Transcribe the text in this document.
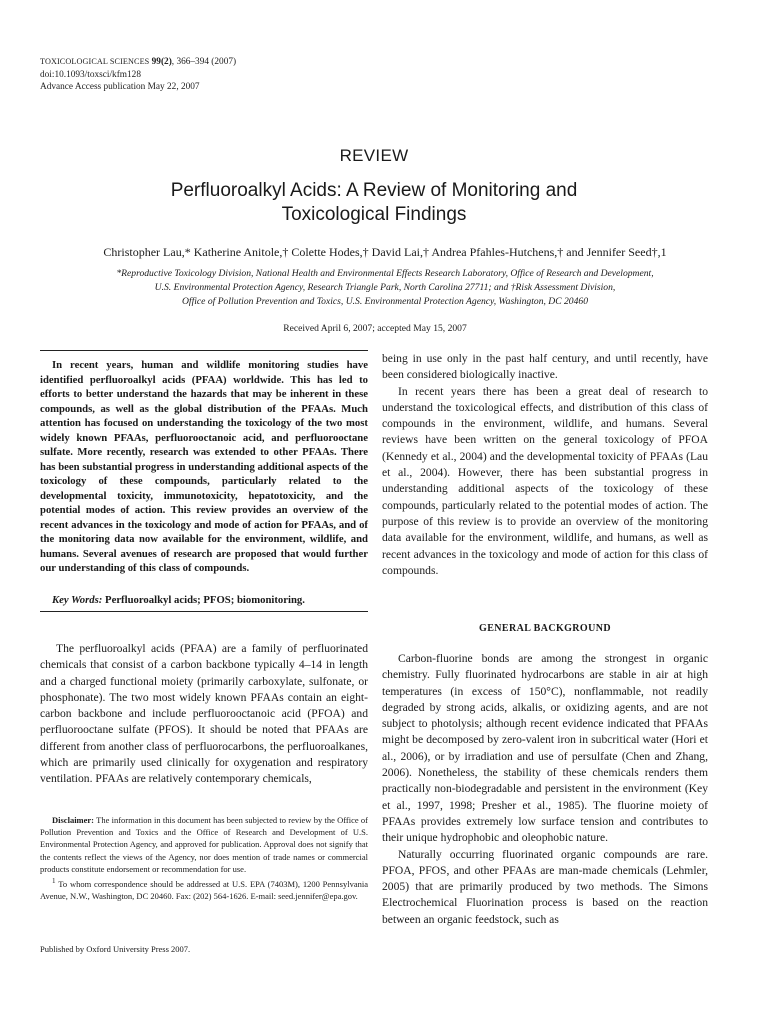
TOXICOLOGICAL SCIENCES 99(2), 366–394 (2007)
doi:10.1093/toxsci/kfm128
Advance Access publication May 22, 2007
REVIEW
Perfluoroalkyl Acids: A Review of Monitoring and
Toxicological Findings
Christopher Lau,* Katherine Anitole,† Colette Hodes,† David Lai,† Andrea Pfahles-Hutchens,† and Jennifer Seed†,1
*Reproductive Toxicology Division, National Health and Environmental Effects Research Laboratory, Office of Research and Development,
U.S. Environmental Protection Agency, Research Triangle Park, North Carolina 27711; and †Risk Assessment Division,
Office of Pollution Prevention and Toxics, U.S. Environmental Protection Agency, Washington, DC 20460
Received April 6, 2007; accepted May 15, 2007
In recent years, human and wildlife monitoring studies have identified perfluoroalkyl acids (PFAA) worldwide. This has led to efforts to better understand the hazards that may be inherent in these compounds, as well as the global distribution of the PFAAs. Much attention has focused on understanding the toxicology of the two most widely known PFAAs, perfluorooctanoic acid, and perfluorooctane sulfate. More recently, research was extended to other PFAAs. There has been substantial progress in understanding additional aspects of the toxicology of these compounds, particularly related to the developmental toxicity, immunotoxicity, hepatotoxicity, and the potential modes of action. This review provides an overview of the recent advances in the toxicology and mode of action for PFAAs, and of the monitoring data now available for the environment, wildlife, and humans. Several avenues of research are proposed that would further our understanding of this class of compounds.
Key Words: Perfluoroalkyl acids; PFOS; biomonitoring.

The perfluoroalkyl acids (PFAA) are a family of perfluorinated chemicals that consist of a carbon backbone typically 4–14 in length and a charged functional moiety (primarily carboxylate, sulfonate, or phosphonate). The two most widely known PFAAs contain an eight-carbon backbone and include perfluorooctanoic acid (PFOA) and perfluorooctane sulfate (PFOS). It should be noted that PFAAs are different from another class of perfluorocarbons, the perfluoroalkanes, which are primarily used clinically for oxygenation and respiratory ventilation. PFAAs are relatively contemporary chemicals,

Disclaimer: The information in this document has been subjected to review by the Office of Pollution Prevention and Toxics and the Office of Research and Development of U.S. Environmental Protection Agency, and approved for publication. Approval does not signify that the contents reflect the views of the Agency, nor does mention of trade names or commercial products constitute endorsement or recommendation for use.

$^1$ To whom correspondence should be addressed at U.S. EPA (7403M), 1200 Pennsylvania Avenue, N.W., Washington, DC 20460. Fax: (202) 564-1626. E-mail: seed.jennifer@epa.gov.

Published by Oxford University Press 2007.

being in use only in the past half century, and until recently, have been considered biologically inactive.

In recent years there has been a great deal of research to understand the toxicological effects, and distribution of this class of compounds in the environment, wildlife, and humans. Several reviews have been written on the general toxicology of PFOA (Kennedy et al., 2004) and the developmental toxicity of PFAAs (Lau et al., 2004). However, there has been substantial progress in understanding additional aspects of the toxicology of these compounds, particularly related to the potential modes of action. The purpose of this review is to provide an overview of the monitoring data available for the environment, wildlife, and humans, as well as recent advances in the toxicology and mode of action for this class of compounds.

GENERAL BACKGROUND

Carbon-fluorine bonds are among the strongest in organic chemistry. Fully fluorinated hydrocarbons are stable in air at high temperatures (in excess of 150°C), nonflammable, not readily degraded by strong acids, alkalis, or oxidizing agents, and are not subject to photolysis; although recent evidence indicated that PFAAs might be decomposed by zero-valent iron in subcritical water (Hori et al., 2006), or by irradiation and use of persulfate (Chen and Zhang, 2006). Nonetheless, the stability of these chemicals renders them practically non-biodegradable and persistent in the environment (Key et al., 1997, 1998; Presher et al., 1985). The fluorine moiety of PFAAs provides extremely low surface tension and contributes to their unique hydrophobic and oleophobic nature.

Naturally occurring fluorinated organic compounds are rare. PFOA, PFOS, and other PFAAs are man-made chemicals (Lehmler, 2005) that are primarily produced by two methods. The Simons Electrochemical Fluorination process is based on the reaction between an organic feedstock, such as
